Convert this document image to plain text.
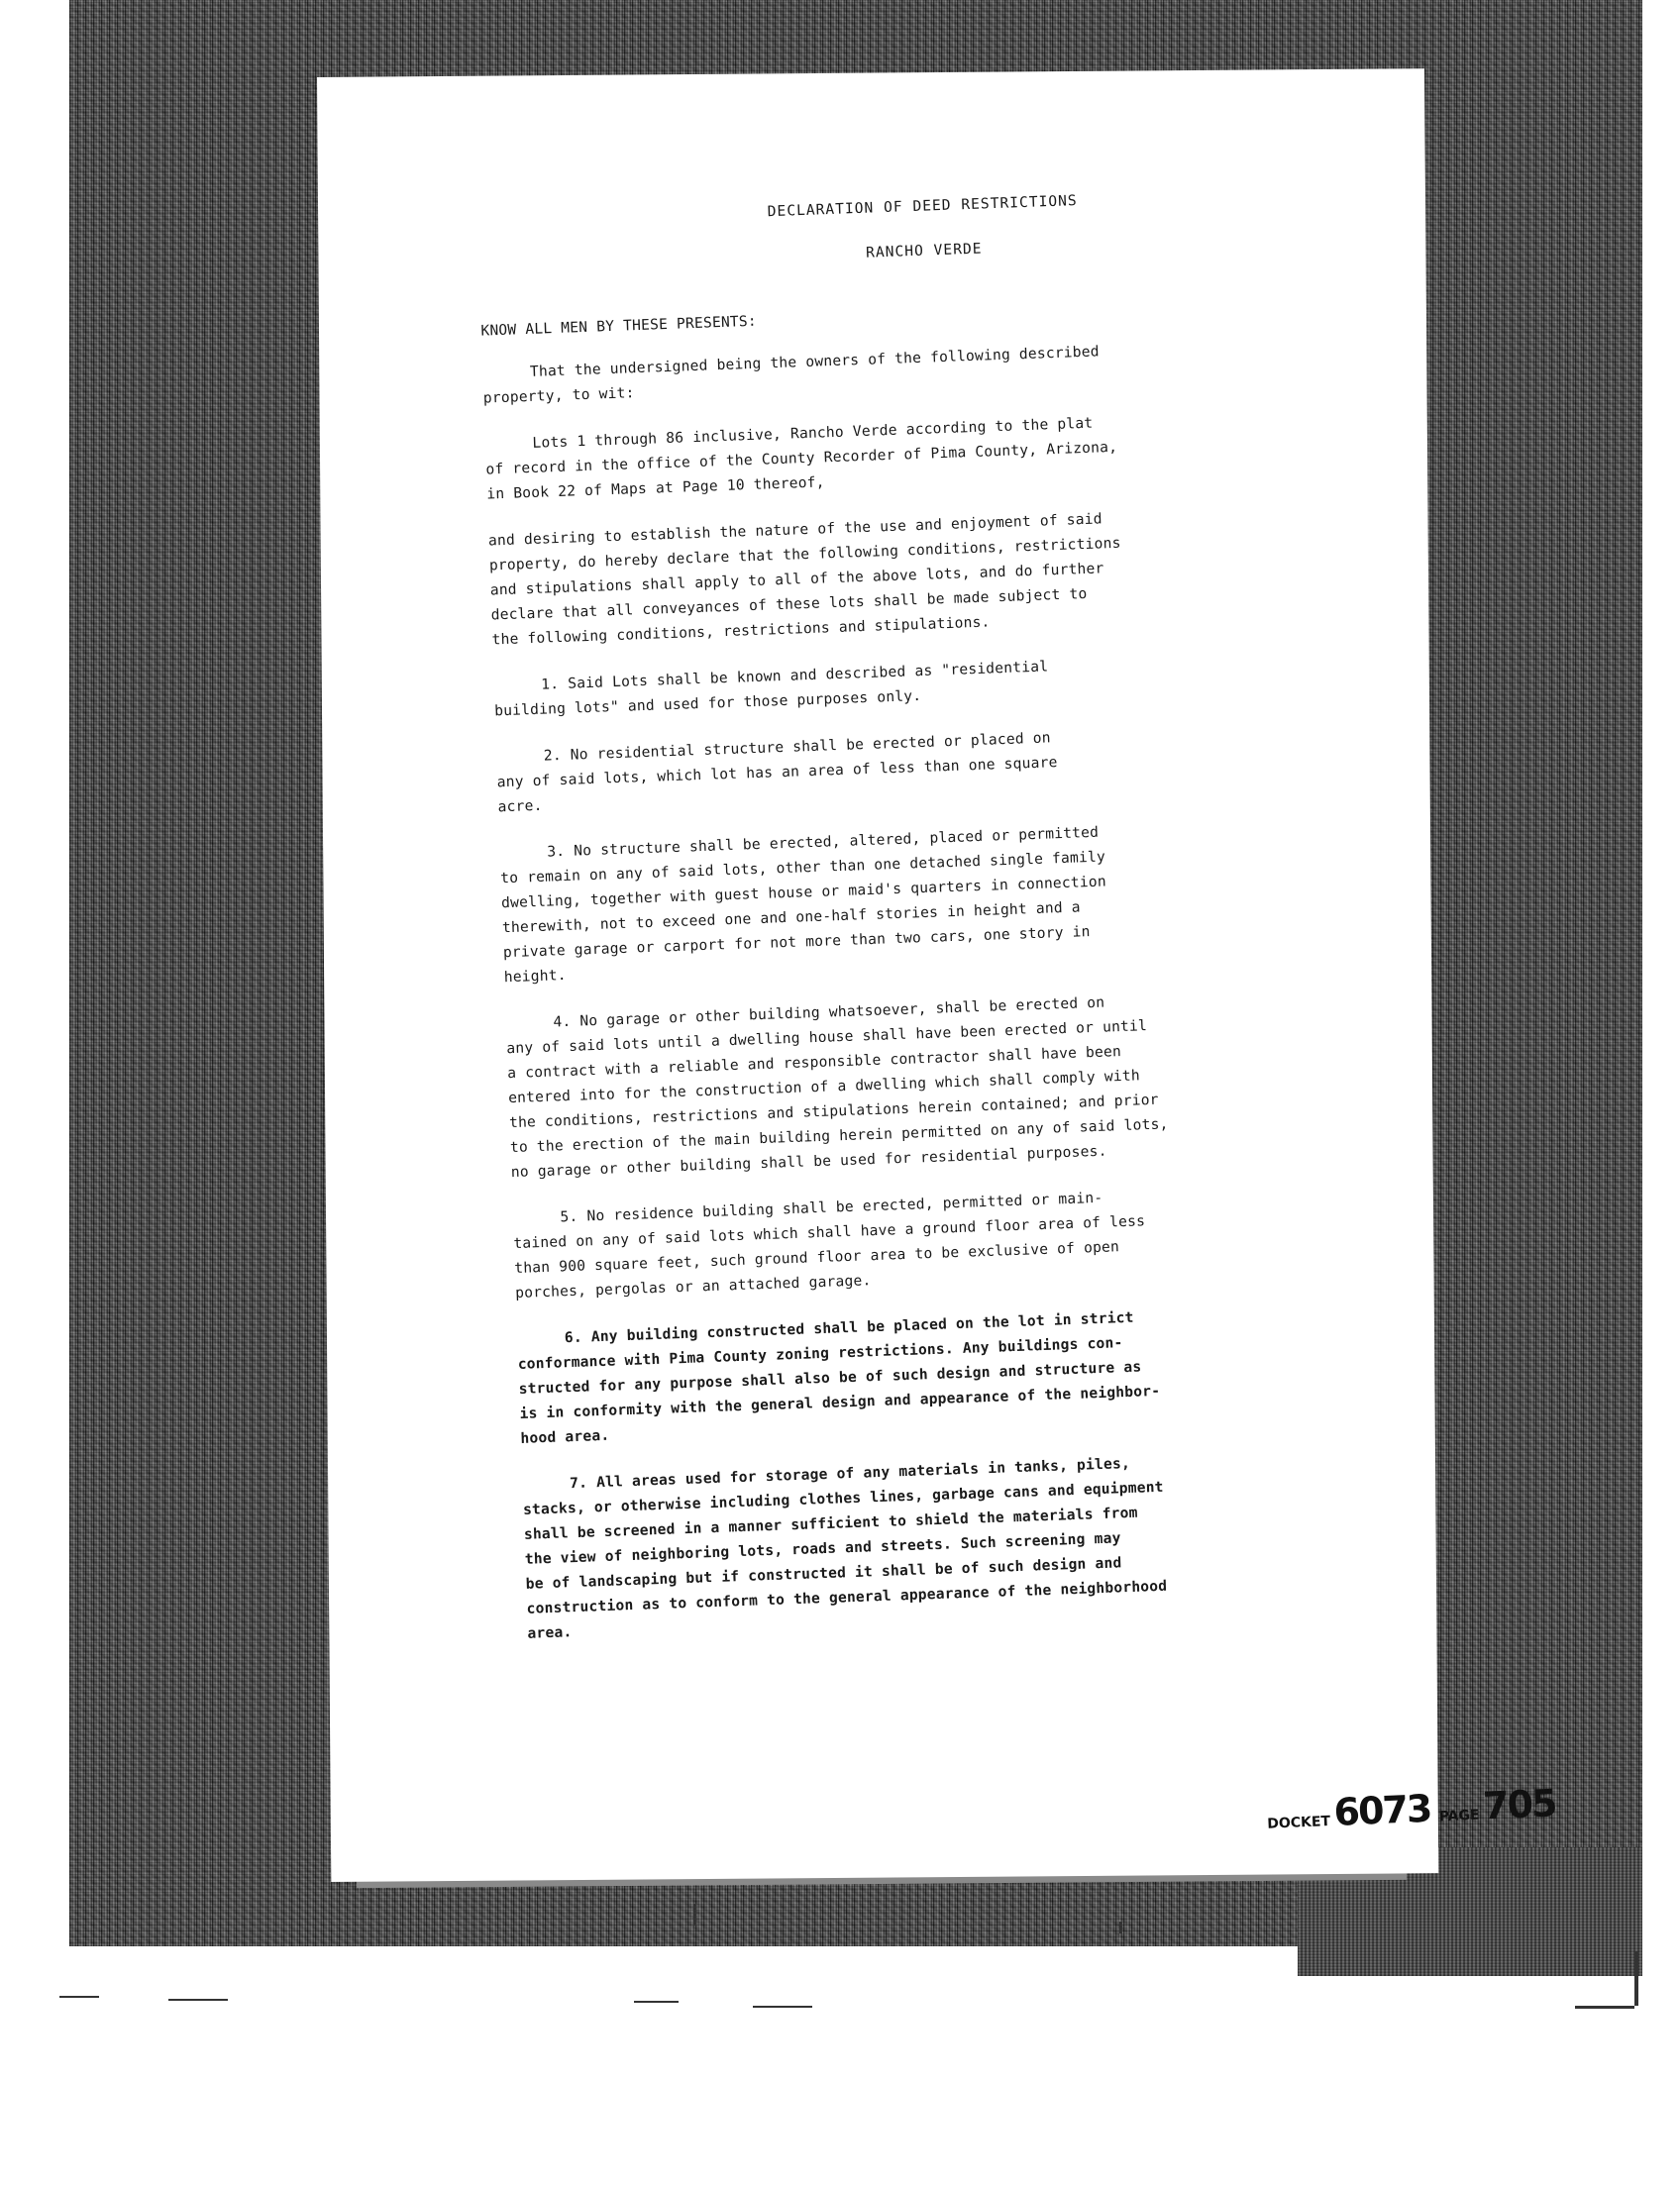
DECLARATION OF DEED RESTRICTIONS
RANCHO VERDE
KNOW ALL MEN BY THESE PRESENTS:

That the undersigned being the owners of the following described
property, to wit:

Lots 1 through 86 inclusive, Rancho Verde according to the plat
of record in the office of the County Recorder of Pima County, Arizona,
in Book 22 of Maps at Page 10 thereof,

and desiring to establish the nature of the use and enjoyment of said
property, do hereby declare that the following conditions, restrictions
and stipulations shall apply to all of the above lots, and do further
declare that all conveyances of these lots shall be made subject to
the following conditions, restrictions and stipulations.

1. Said Lots shall be known and described as "residential
building lots" and used for those purposes only.

2. No residential structure shall be erected or placed on
any of said lots, which lot has an area of less than one square
acre.

3. No structure shall be erected, altered, placed or permitted
to remain on any of said lots, other than one detached single family
dwelling, together with guest house or maid's quarters in connection
therewith, not to exceed one and one-half stories in height and a
private garage or carport for not more than two cars, one story in
height.

4. No garage or other building whatsoever, shall be erected on
any of said lots until a dwelling house shall have been erected or until
a contract with a reliable and responsible contractor shall have been
entered into for the construction of a dwelling which shall comply with
the conditions, restrictions and stipulations herein contained; and prior
to the erection of the main building herein permitted on any of said lots,
no garage or other building shall be used for residential purposes.

5. No residence building shall be erected, permitted or main-
tained on any of said lots which shall have a ground floor area of less
than 900 square feet, such ground floor area to be exclusive of open
porches, pergolas or an attached garage.

6. Any building constructed shall be placed on the lot in strict
conformance with Pima County zoning restrictions. Any buildings con-
structed for any purpose shall also be of such design and structure as
is in conformity with the general design and appearance of the neighbor-
hood area.

7. All areas used for storage of any materials in tanks, piles,
stacks, or otherwise including clothes lines, garbage cans and equipment
shall be screened in a manner sufficient to shield the materials from
the view of neighboring lots, roads and streets. Such screening may
be of landscaping but if constructed it shall be of such design and
construction as to conform to the general appearance of the neighborhood
area.

DOCKET6073 PAGE705
